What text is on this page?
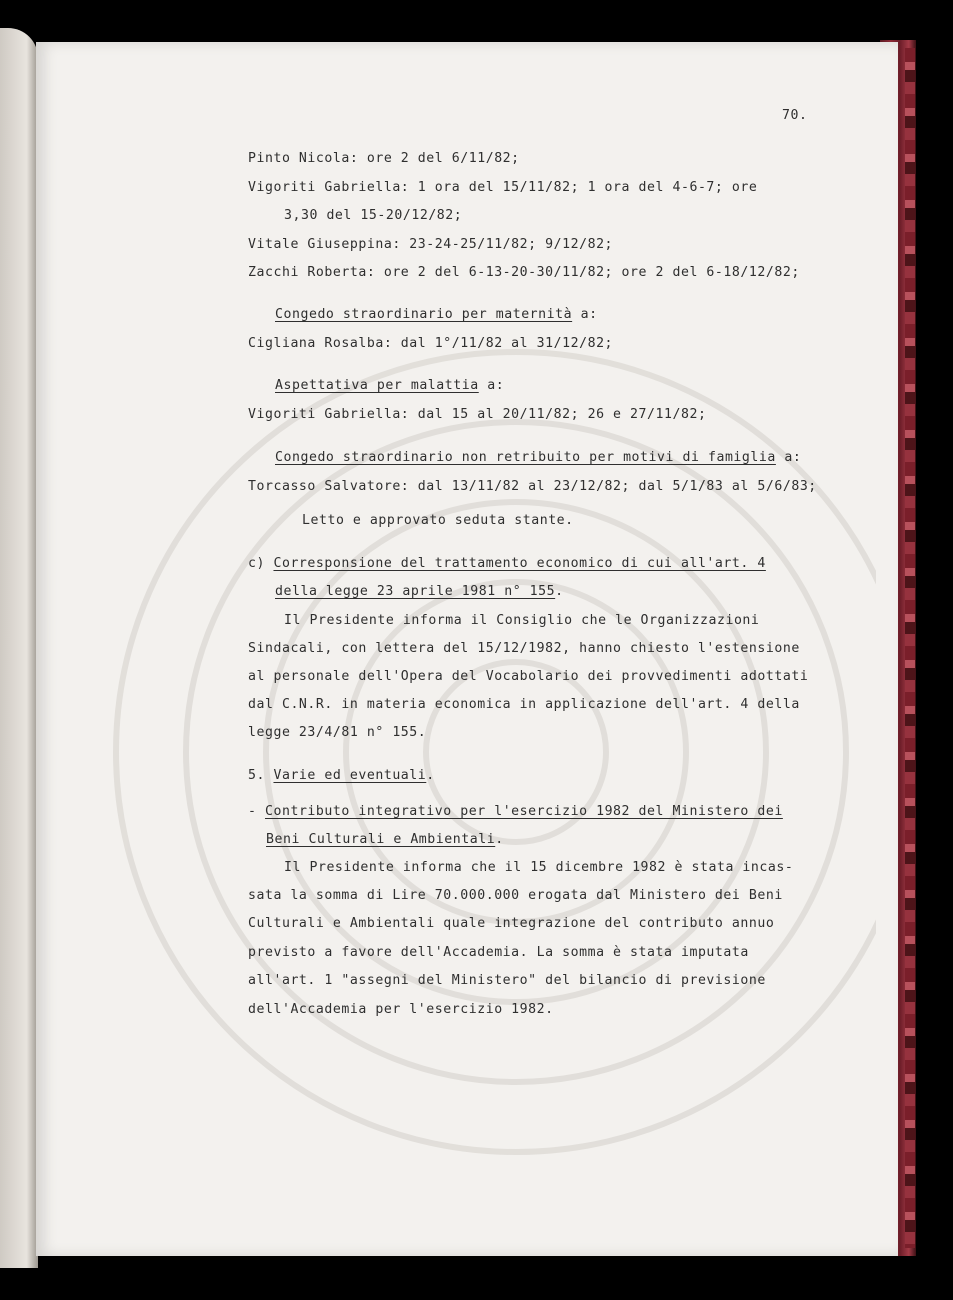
70.
Pinto Nicola: ore 2 del 6/11/82;
Vigoriti Gabriella: 1 ora del 15/11/82; 1 ora del 4-6-7; ore
3,30 del 15-20/12/82;
Vitale Giuseppina: 23-24-25/11/82; 9/12/82;
Zacchi Roberta: ore 2 del 6-13-20-30/11/82; ore 2 del 6-18/12/82;
Congedo straordinario per maternità a:
Cigliana Rosalba: dal 1°/11/82 al 31/12/82;
Aspettativa per malattia a:
Vigoriti Gabriella: dal 15 al 20/11/82; 26 e 27/11/82;
Congedo straordinario non retribuito per motivi di famiglia a:
Torcasso Salvatore: dal 13/11/82 al 23/12/82; dal 5/1/83 al 5/6/83;
Letto e approvato seduta stante.
c) Corresponsione del trattamento economico di cui all'art. 4
della legge 23 aprile 1981 n° 155.
Il Presidente informa il Consiglio che le Organizzazioni
Sindacali, con lettera del 15/12/1982, hanno chiesto l'estensione
al personale dell'Opera del Vocabolario dei provvedimenti adottati
dal C.N.R. in materia economica in applicazione dell'art. 4 della
legge 23/4/81 n° 155.
5. Varie ed eventuali.
- Contributo integrativo per l'esercizio 1982 del Ministero dei
Beni Culturali e Ambientali.
Il Presidente informa che il 15 dicembre 1982 è stata incas-
sata la somma di Lire 70.000.000 erogata dal Ministero dei Beni
Culturali e Ambientali quale integrazione del contributo annuo
previsto a favore dell'Accademia. La somma è stata imputata
all'art. 1 "assegni del Ministero" del bilancio di previsione
dell'Accademia per l'esercizio 1982.
